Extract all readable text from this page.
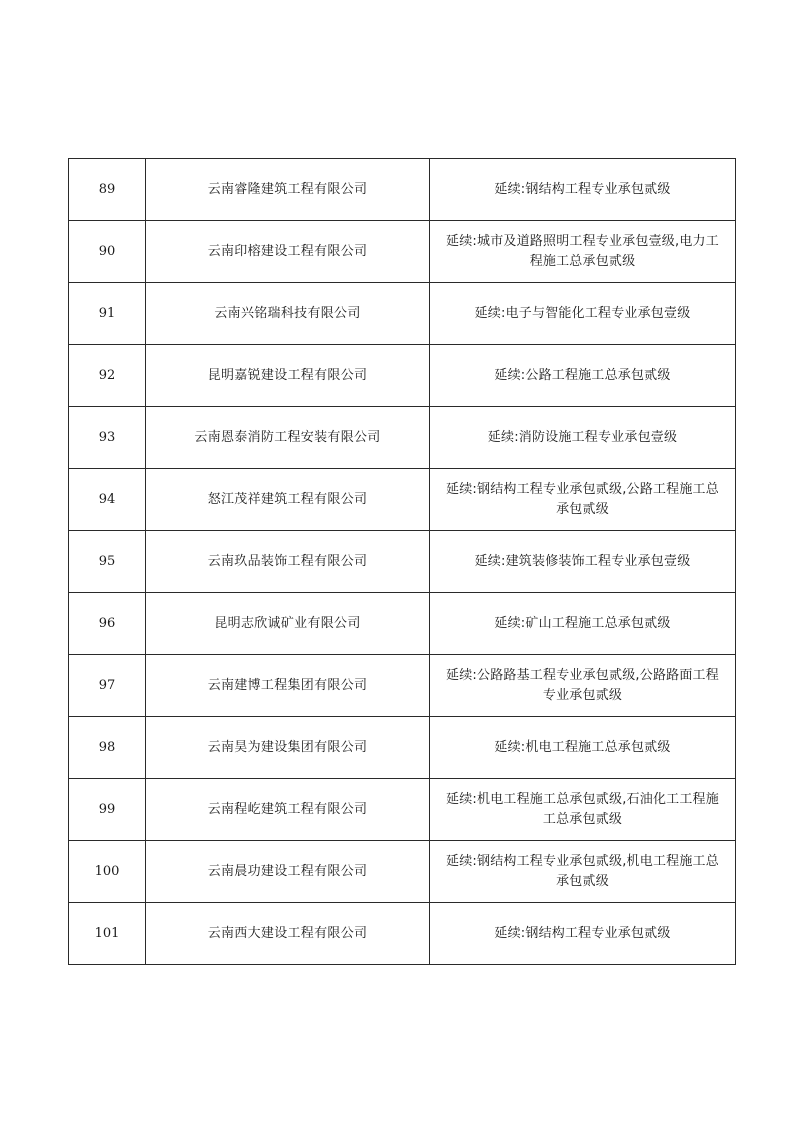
89	云南睿隆建筑工程有限公司	延续:钢结构工程专业承包贰级
90	云南印榕建设工程有限公司	延续:城市及道路照明工程专业承包壹级,电力工程施工总承包贰级
91	云南兴铭瑞科技有限公司	延续:电子与智能化工程专业承包壹级
92	昆明嘉锐建设工程有限公司	延续:公路工程施工总承包贰级
93	云南恩泰消防工程安装有限公司	延续:消防设施工程专业承包壹级
94	怒江茂祥建筑工程有限公司	延续:钢结构工程专业承包贰级,公路工程施工总承包贰级
95	云南玖品装饰工程有限公司	延续:建筑装修装饰工程专业承包壹级
96	昆明志欣诚矿业有限公司	延续:矿山工程施工总承包贰级
97	云南建博工程集团有限公司	延续:公路路基工程专业承包贰级,公路路面工程专业承包贰级
98	云南昊为建设集团有限公司	延续:机电工程施工总承包贰级
99	云南程屹建筑工程有限公司	延续:机电工程施工总承包贰级,石油化工工程施工总承包贰级
100	云南晨功建设工程有限公司	延续:钢结构工程专业承包贰级,机电工程施工总承包贰级
101	云南西大建设工程有限公司	延续:钢结构工程专业承包贰级
